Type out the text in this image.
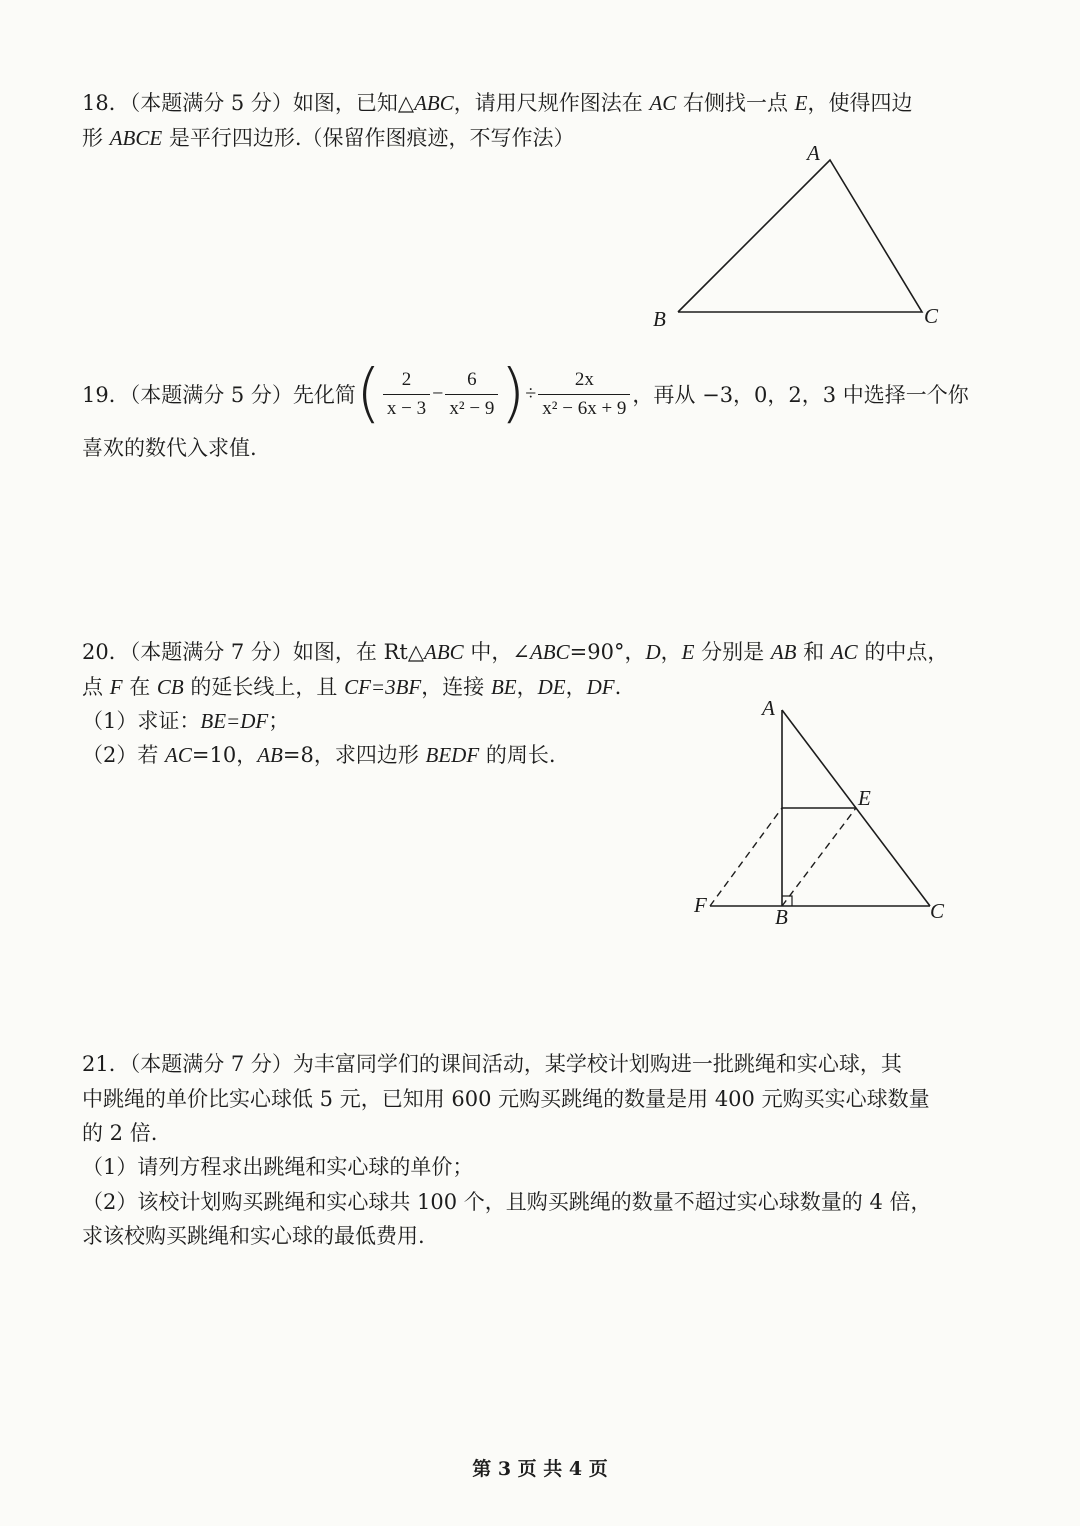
18．（本题满分 5 分）如图，已知△ABC，请用尺规作图法在 AC 右侧找一点 E，使得四边
形 ABCE 是平行四边形.（保留作图痕迹，不写作法）
A
B	C
19．（本题满分 5 分）先化简( $\frac{2}{x - 3} - \frac{6}{\text{x² − 9}}$ )÷ $\frac{2x}{\text{x² − 6x + 9}}$ ，再从 −3，0，2，3 中选择一个你
喜欢的数代入求值.
20．（本题满分 7 分）如图，在 Rt△ABC 中，∠ABC=90°，D，E 分别是 AB 和 AC 的中点，
点 F 在 CB 的延长线上，且 CF=3BF，连接 BE，DE，DF.
（1）求证：BE=DF；
（2）若 AC=10，AB=8，求四边形 BEDF 的周长.
A
E
F	B	C
21．（本题满分 7 分）为丰富同学们的课间活动，某学校计划购进一批跳绳和实心球，其
中跳绳的单价比实心球低 5 元，已知用 600 元购买跳绳的数量是用 400 元购买实心球数量
的 2 倍.
（1）请列方程求出跳绳和实心球的单价；
（2）该校计划购买跳绳和实心球共 100 个，且购买跳绳的数量不超过实心球数量的 4 倍，
求该校购买跳绳和实心球的最低费用.
第 3 页 共 4 页
